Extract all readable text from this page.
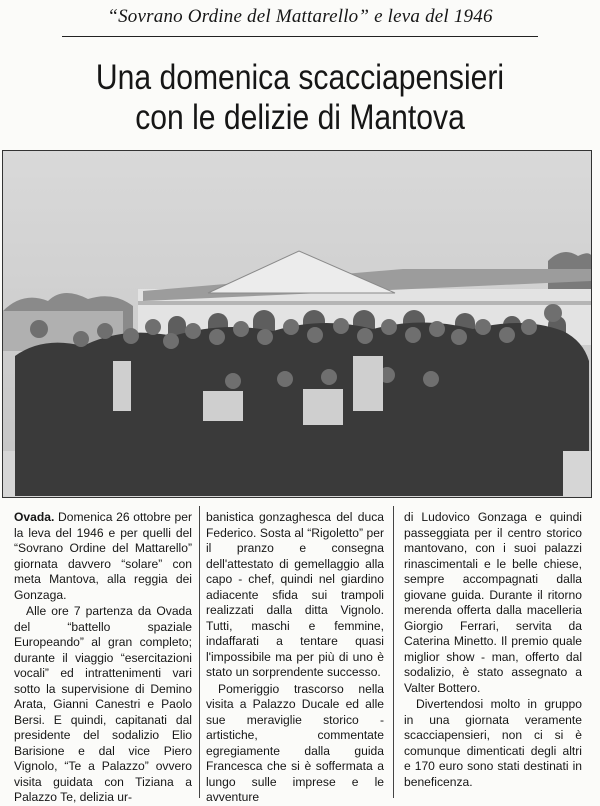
“Sovrano Ordine del Mattarello” e leva del 1946
Una domenica scacciapensieri
con le delizie di Mantova

Ovada. Domenica 26 ottobre per la leva del 1946 e per quelli del “Sovrano Ordine del Mattarello” giornata davvero “solare” con meta Mantova, alla reggia dei Gonzaga.

Alle ore 7 partenza da Ovada del “battello spaziale Europeando” al gran completo; durante il viaggio “esercitazioni vocali” ed intrattenimenti vari sotto la supervisione di Demino Arata, Gianni Canestri e Paolo Bersi. E quindi, capitanati dal presidente del sodalizio Elio Barisione e dal vice Piero Vignolo, “Te a Palazzo” ovvero visita guidata con Tiziana a Palazzo Te, delizia ur-

banistica gonzaghesca del duca Federico. Sosta al “Rigoletto” per il pranzo e consegna dell'attestato di gemellaggio alla capo - chef, quindi nel giardino adiacente sfida sui trampoli realizzati dalla ditta Vignolo. Tutti, maschi e femmine, indaffarati a tentare quasi l'impossibile ma per più di uno è stato un sorprendente successo.

Pomeriggio trascorso nella visita a Palazzo Ducale ed alle sue meraviglie storico - artistiche, commentate egregiamente dalla guida Francesca che si è soffermata a lungo sulle imprese e le avventure

di Ludovico Gonzaga e quindi passeggiata per il centro storico mantovano, con i suoi palazzi rinascimentali e le belle chiese, sempre accompagnati dalla giovane guida. Durante il ritorno merenda offerta dalla macelleria Giorgio Ferrari, servita da Caterina Minetto. Il premio quale miglior show - man, offerto dal sodalizio, è stato assegnato a Valter Bottero.

Divertendosi molto in gruppo in una giornata veramente scacciapensieri, non ci si è comunque dimenticati degli altri e 170 euro sono stati destinati in beneficenza.
